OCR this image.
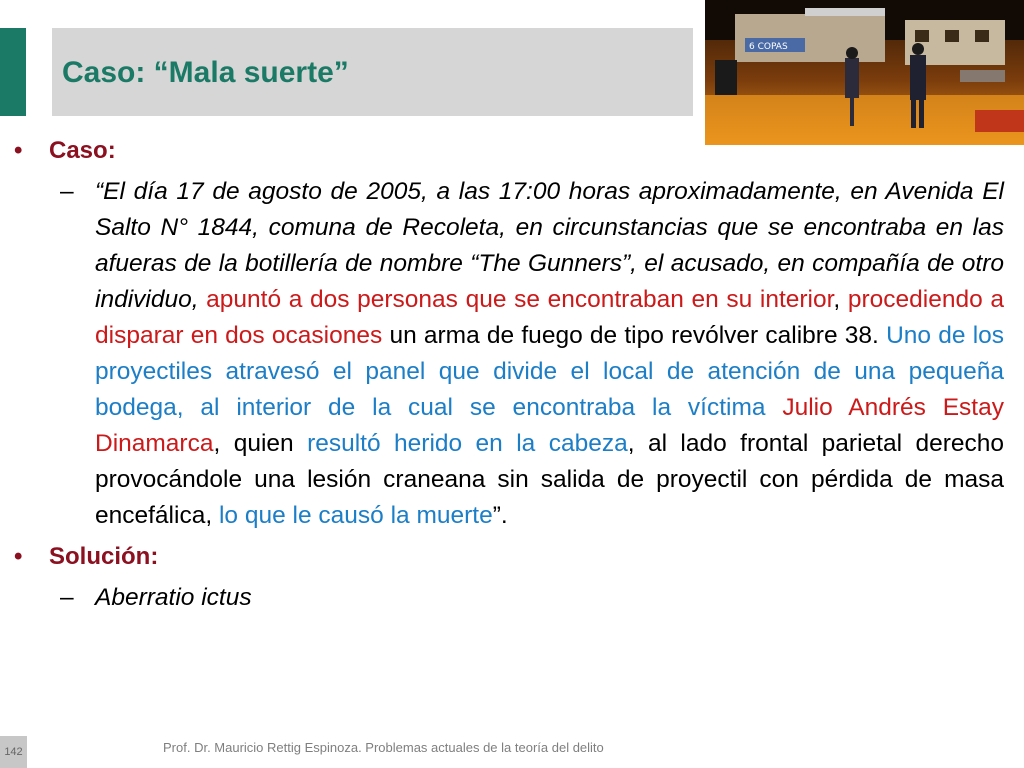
Caso: “Mala suerte”
6 COPAS
• Caso:
– “El día 17 de agosto de 2005, a las 17:00 horas aproximadamente, en Avenida El Salto N° 1844, comuna de Recoleta, en circunstancias que se encontraba en las afueras de la botillería de nombre “The Gunners”, el acusado, en compañía de otro individuo, apuntó a dos personas que se encontraban en su interior, procediendo a disparar en dos ocasiones un arma de fuego de tipo revólver calibre 38. Uno de los proyectiles atravesó el panel que divide el local de atención de una pequeña bodega, al interior de la cual se encontraba la víctima Julio Andrés Estay Dinamarca, quien resultó herido en la cabeza, al lado frontal parietal derecho provocándole una lesión craneana sin salida de proyectil con pérdida de masa encefálica, lo que le causó la muerte”.

• Solución:
– Aberratio ictus
Prof. Dr. Mauricio Rettig Espinoza. Problemas actuales de la teoría del delito
142
